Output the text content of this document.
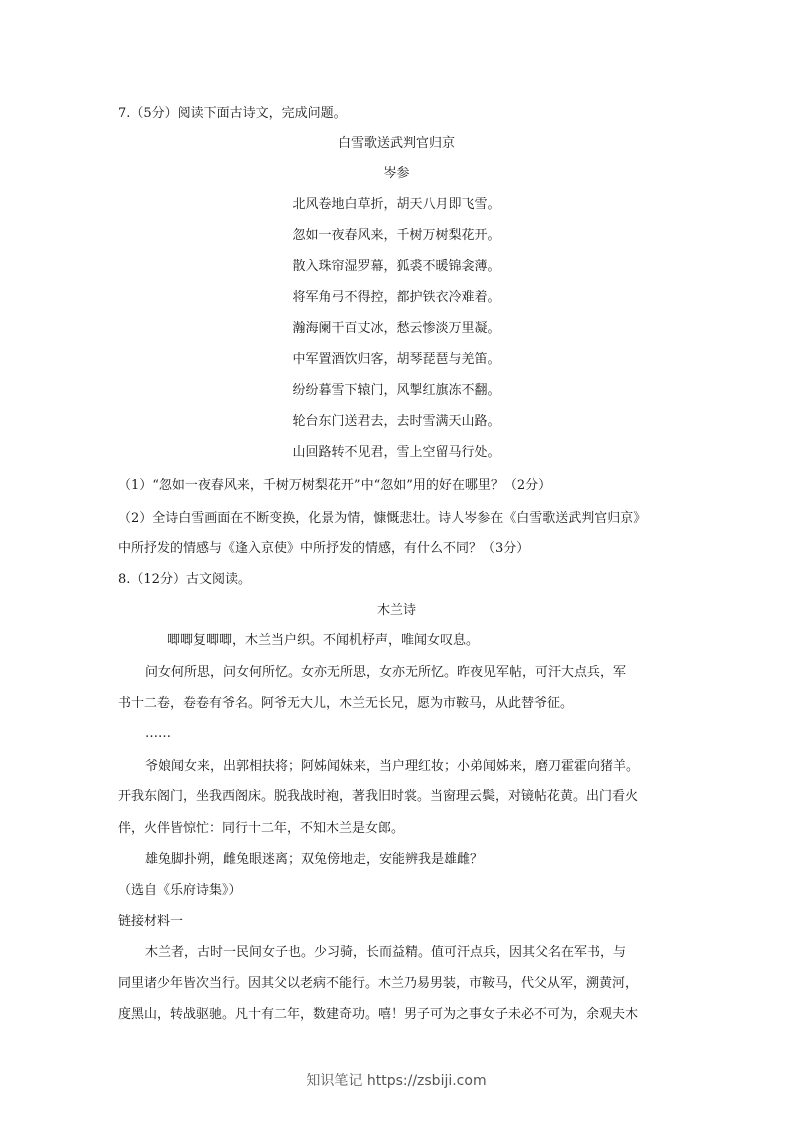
7.（5分）阅读下面古诗文，完成问题。
白雪歌送武判官归京
岑参
北风卷地白草折，胡天八月即飞雪。
忽如一夜春风来，千树万树梨花开。
散入珠帘湿罗幕，狐裘不暖锦衾薄。
将军角弓不得控，都护铁衣冷难着。
瀚海阑干百丈冰，愁云惨淡万里凝。
中军置酒饮归客，胡琴琵琶与羌笛。
纷纷暮雪下辕门，风掣红旗冻不翻。
轮台东门送君去，去时雪满天山路。
山回路转不见君，雪上空留马行处。
（1）“忽如一夜春风来，千树万树梨花开”中“忽如”用的好在哪里？（2分）
（2）全诗白雪画面在不断变换，化景为情，慷慨悲壮。诗人岑参在《白雪歌送武判官归京》
中所抒发的情感与《逢入京使》中所抒发的情感，有什么不同？（3分）
8.（12分）古文阅读。
木兰诗
唧唧复唧唧，木兰当户织。不闻机杼声，唯闻女叹息。
问女何所思，问女何所忆。女亦无所思，女亦无所忆。昨夜见军帖，可汗大点兵，军
书十二卷，卷卷有爷名。阿爷无大儿，木兰无长兄，愿为市鞍马，从此替爷征。
……
爷娘闻女来，出郭相扶将；阿姊闻妹来，当户理红妆；小弟闻姊来，磨刀霍霍向猪羊。
开我东阁门，坐我西阁床。脱我战时袍，著我旧时裳。当窗理云鬓，对镜帖花黄。出门看火
伴，火伴皆惊忙：同行十二年，不知木兰是女郎。
雄兔脚扑朔，雌兔眼迷离；双兔傍地走，安能辨我是雄雌？
（选自《乐府诗集》）
链接材料一
木兰者，古时一民间女子也。少习骑，长而益精。值可汗点兵，因其父名在军书，与
同里诸少年皆次当行。因其父以老病不能行。木兰乃易男装，市鞍马，代父从军，溯黄河，
度黑山，转战驱驰。凡十有二年，数建奇功。嘻！男子可为之事女子未必不可为，余观夫木
知识笔记 https://zsbiji.com
